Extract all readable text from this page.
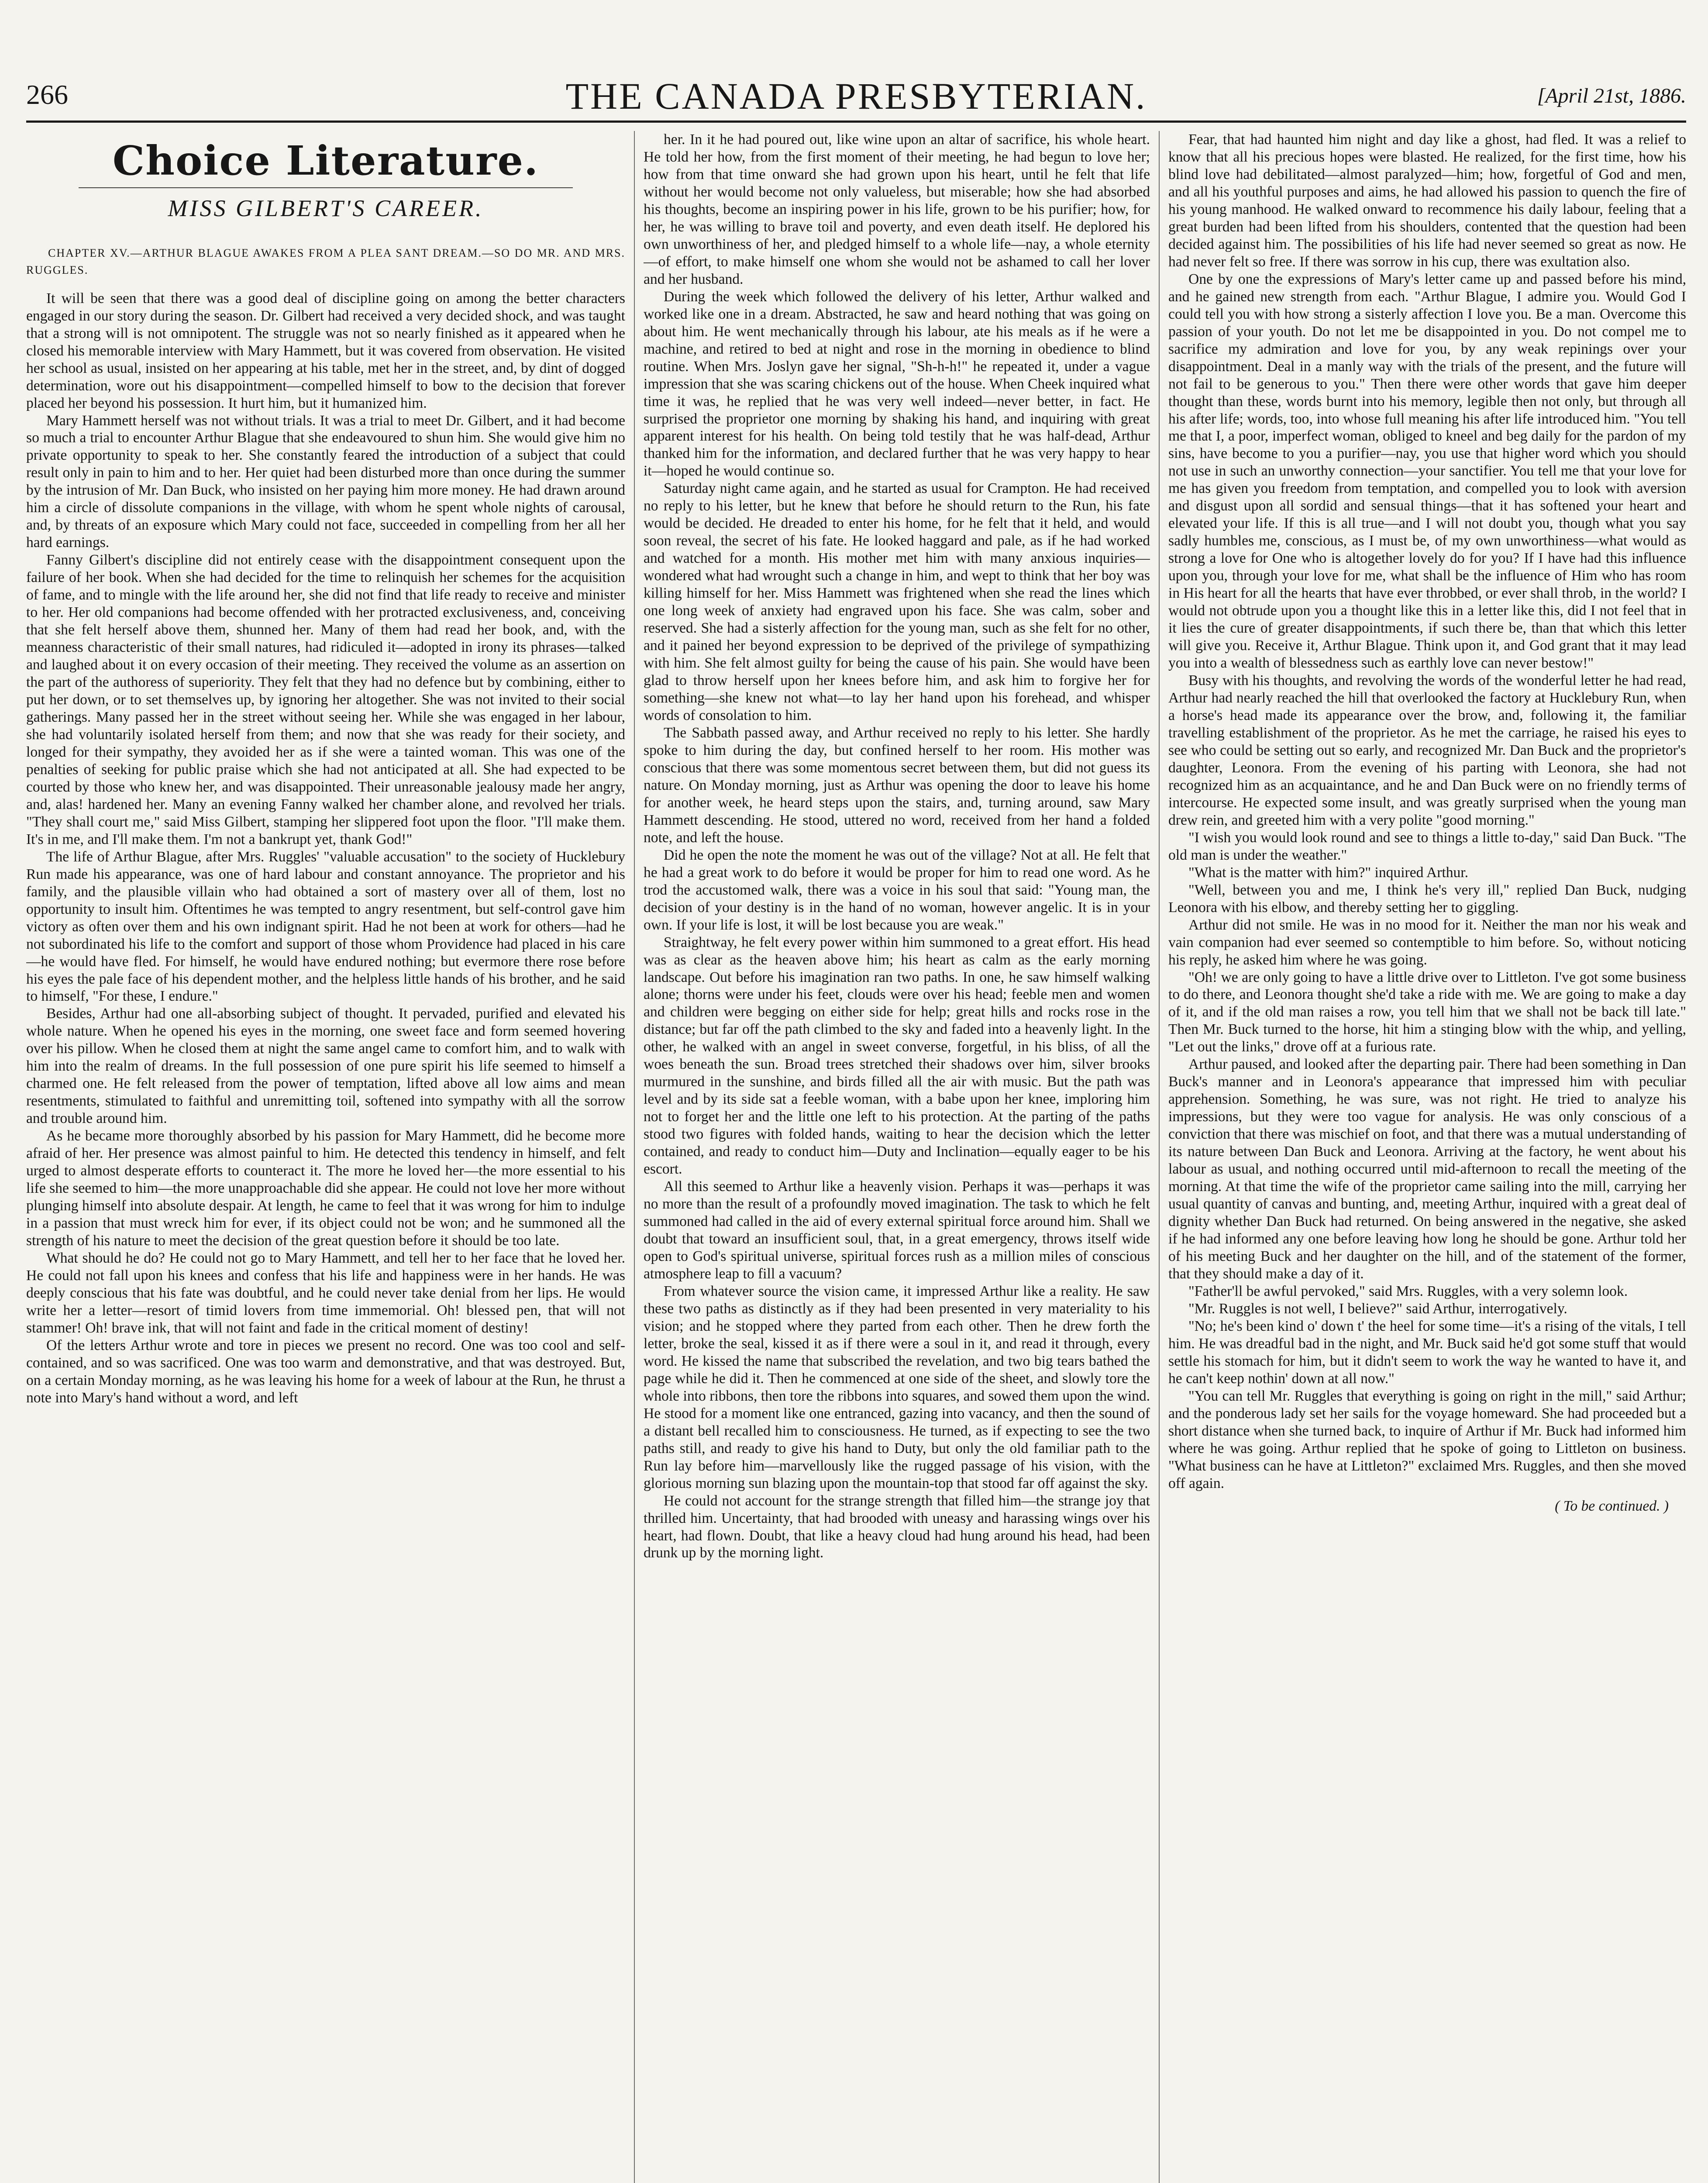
266	THE CANADA PRESBYTERIAN.	[April 21st, 1886.
Choice Literature.
MISS GILBERT'S CAREER.
CHAPTER XV.—ARTHUR BLAGUE AWAKES FROM A PLEA SANT DREAM.—SO DO MR. AND MRS. RUGGLES.

It will be seen that there was a good deal of discipline going on among the better characters engaged in our story during the season. Dr. Gilbert had received a very decided shock, and was taught that a strong will is not omnipotent. The struggle was not so nearly finished as it appeared when he closed his memorable interview with Mary Hammett, but it was covered from observation. He visited her school as usual, insisted on her appearing at his table, met her in the street, and, by dint of dogged determination, wore out his disappointment—compelled himself to bow to the decision that forever placed her beyond his possession. It hurt him, but it humanized him.

Mary Hammett herself was not without trials. It was a trial to meet Dr. Gilbert, and it had become so much a trial to encounter Arthur Blague that she endeavoured to shun him. She would give him no private opportunity to speak to her. She constantly feared the introduction of a subject that could result only in pain to him and to her. Her quiet had been disturbed more than once during the summer by the intrusion of Mr. Dan Buck, who insisted on her paying him more money. He had drawn around him a circle of dissolute companions in the village, with whom he spent whole nights of carousal, and, by threats of an exposure which Mary could not face, succeeded in compelling from her all her hard earnings.

Fanny Gilbert's discipline did not entirely cease with the disappointment consequent upon the failure of her book. When she had decided for the time to relinquish her schemes for the acquisition of fame, and to mingle with the life around her, she did not find that life ready to receive and minister to her. Her old companions had become offended with her protracted exclusiveness, and, conceiving that she felt herself above them, shunned her. Many of them had read her book, and, with the meanness characteristic of their small natures, had ridiculed it—adopted in irony its phrases—talked and laughed about it on every occasion of their meeting. They received the volume as an assertion on the part of the authoress of superiority. They felt that they had no defence but by combining, either to put her down, or to set themselves up, by ignoring her altogether. She was not invited to their social gatherings. Many passed her in the street without seeing her. While she was engaged in her labour, she had voluntarily isolated herself from them; and now that she was ready for their society, and longed for their sympathy, they avoided her as if she were a tainted woman. This was one of the penalties of seeking for public praise which she had not anticipated at all. She had expected to be courted by those who knew her, and was disappointed. Their unreasonable jealousy made her angry, and, alas! hardened her. Many an evening Fanny walked her chamber alone, and revolved her trials. "They shall court me," said Miss Gilbert, stamping her slippered foot upon the floor. "I'll make them. It's in me, and I'll make them. I'm not a bankrupt yet, thank God!"

The life of Arthur Blague, after Mrs. Ruggles' "valuable accusation" to the society of Hucklebury Run made his appearance, was one of hard labour and constant annoyance. The proprietor and his family, and the plausible villain who had obtained a sort of mastery over all of them, lost no opportunity to insult him. Oftentimes he was tempted to angry resentment, but self-control gave him victory as often over them and his own indignant spirit. Had he not been at work for others—had he not subordinated his life to the comfort and support of those whom Providence had placed in his care—he would have fled. For himself, he would have endured nothing; but evermore there rose before his eyes the pale face of his dependent mother, and the helpless little hands of his brother, and he said to himself, "For these, I endure."

Besides, Arthur had one all-absorbing subject of thought. It pervaded, purified and elevated his whole nature. When he opened his eyes in the morning, one sweet face and form seemed hovering over his pillow. When he closed them at night the same angel came to comfort him, and to walk with him into the realm of dreams. In the full possession of one pure spirit his life seemed to himself a charmed one. He felt released from the power of temptation, lifted above all low aims and mean resentments, stimulated to faithful and unremitting toil, softened into sympathy with all the sorrow and trouble around him.

As he became more thoroughly absorbed by his passion for Mary Hammett, did he become more afraid of her. Her presence was almost painful to him. He detected this tendency in himself, and felt urged to almost desperate efforts to counteract it. The more he loved her—the more essential to his life she seemed to him—the more unapproachable did she appear. He could not love her more without plunging himself into absolute despair. At length, he came to feel that it was wrong for him to indulge in a passion that must wreck him for ever, if its object could not be won; and he summoned all the strength of his nature to meet the decision of the great question before it should be too late.

What should he do? He could not go to Mary Hammett, and tell her to her face that he loved her. He could not fall upon his knees and confess that his life and happiness were in her hands. He was deeply conscious that his fate was doubtful, and he could never take denial from her lips. He would write her a letter—resort of timid lovers from time immemorial. Oh! blessed pen, that will not stammer! Oh! brave ink, that will not faint and fade in the critical moment of destiny!

Of the letters Arthur wrote and tore in pieces we present no record. One was too cool and self-contained, and so was sacrificed. One was too warm and demonstrative, and that was destroyed. But, on a certain Monday morning, as he was leaving his home for a week of labour at the Run, he thrust a note into Mary's hand without a word, and left

her. In it he had poured out, like wine upon an altar of sacrifice, his whole heart. He told her how, from the first moment of their meeting, he had begun to love her; how from that time onward she had grown upon his heart, until he felt that life without her would become not only valueless, but miserable; how she had absorbed his thoughts, become an inspiring power in his life, grown to be his purifier; how, for her, he was willing to brave toil and poverty, and even death itself. He deplored his own unworthiness of her, and pledged himself to a whole life—nay, a whole eternity—of effort, to make himself one whom she would not be ashamed to call her lover and her husband.

During the week which followed the delivery of his letter, Arthur walked and worked like one in a dream. Abstracted, he saw and heard nothing that was going on about him. He went mechanically through his labour, ate his meals as if he were a machine, and retired to bed at night and rose in the morning in obedience to blind routine. When Mrs. Joslyn gave her signal, "Sh-h-h!" he repeated it, under a vague impression that she was scaring chickens out of the house. When Cheek inquired what time it was, he replied that he was very well indeed—never better, in fact. He surprised the proprietor one morning by shaking his hand, and inquiring with great apparent interest for his health. On being told testily that he was half-dead, Arthur thanked him for the information, and declared further that he was very happy to hear it—hoped he would continue so.

Saturday night came again, and he started as usual for Crampton. He had received no reply to his letter, but he knew that before he should return to the Run, his fate would be decided. He dreaded to enter his home, for he felt that it held, and would soon reveal, the secret of his fate. He looked haggard and pale, as if he had worked and watched for a month. His mother met him with many anxious inquiries—wondered what had wrought such a change in him, and wept to think that her boy was killing himself for her. Miss Hammett was frightened when she read the lines which one long week of anxiety had engraved upon his face. She was calm, sober and reserved. She had a sisterly affection for the young man, such as she felt for no other, and it pained her beyond expression to be deprived of the privilege of sympathizing with him. She felt almost guilty for being the cause of his pain. She would have been glad to throw herself upon her knees before him, and ask him to forgive her for something—she knew not what—to lay her hand upon his forehead, and whisper words of consolation to him.

The Sabbath passed away, and Arthur received no reply to his letter. She hardly spoke to him during the day, but confined herself to her room. His mother was conscious that there was some momentous secret between them, but did not guess its nature. On Monday morning, just as Arthur was opening the door to leave his home for another week, he heard steps upon the stairs, and, turning around, saw Mary Hammett descending. He stood, uttered no word, received from her hand a folded note, and left the house.

Did he open the note the moment he was out of the village? Not at all. He felt that he had a great work to do before it would be proper for him to read one word. As he trod the accustomed walk, there was a voice in his soul that said: "Young man, the decision of your destiny is in the hand of no woman, however angelic. It is in your own. If your life is lost, it will be lost because you are weak."

Straightway, he felt every power within him summoned to a great effort. His head was as clear as the heaven above him; his heart as calm as the early morning landscape. Out before his imagination ran two paths. In one, he saw himself walking alone; thorns were under his feet, clouds were over his head; feeble men and women and children were begging on either side for help; great hills and rocks rose in the distance; but far off the path climbed to the sky and faded into a heavenly light. In the other, he walked with an angel in sweet converse, forgetful, in his bliss, of all the woes beneath the sun. Broad trees stretched their shadows over him, silver brooks murmured in the sunshine, and birds filled all the air with music. But the path was level and by its side sat a feeble woman, with a babe upon her knee, imploring him not to forget her and the little one left to his protection. At the parting of the paths stood two figures with folded hands, waiting to hear the decision which the letter contained, and ready to conduct him—Duty and Inclination—equally eager to be his escort.

All this seemed to Arthur like a heavenly vision. Perhaps it was—perhaps it was no more than the result of a profoundly moved imagination. The task to which he felt summoned had called in the aid of every external spiritual force around him. Shall we doubt that toward an insufficient soul, that, in a great emergency, throws itself wide open to God's spiritual universe, spiritual forces rush as a million miles of conscious atmosphere leap to fill a vacuum?

From whatever source the vision came, it impressed Arthur like a reality. He saw these two paths as distinctly as if they had been presented in very materiality to his vision; and he stopped where they parted from each other. Then he drew forth the letter, broke the seal, kissed it as if there were a soul in it, and read it through, every word. He kissed the name that subscribed the revelation, and two big tears bathed the page while he did it. Then he commenced at one side of the sheet, and slowly tore the whole into ribbons, then tore the ribbons into squares, and sowed them upon the wind. He stood for a moment like one entranced, gazing into vacancy, and then the sound of a distant bell recalled him to consciousness. He turned, as if expecting to see the two paths still, and ready to give his hand to Duty, but only the old familiar path to the Run lay before him—marvellously like the rugged passage of his vision, with the glorious morning sun blazing upon the mountain-top that stood far off against the sky.

He could not account for the strange strength that filled him—the strange joy that thrilled him. Uncertainty, that had brooded with uneasy and harassing wings over his heart, had flown. Doubt, that like a heavy cloud had hung around his head, had been drunk up by the morning light.

Fear, that had haunted him night and day like a ghost, had fled. It was a relief to know that all his precious hopes were blasted. He realized, for the first time, how his blind love had debilitated—almost paralyzed—him; how, forgetful of God and men, and all his youthful purposes and aims, he had allowed his passion to quench the fire of his young manhood. He walked onward to recommence his daily labour, feeling that a great burden had been lifted from his shoulders, contented that the question had been decided against him. The possibilities of his life had never seemed so great as now. He had never felt so free. If there was sorrow in his cup, there was exultation also.

One by one the expressions of Mary's letter came up and passed before his mind, and he gained new strength from each. "Arthur Blague, I admire you. Would God I could tell you with how strong a sisterly affection I love you. Be a man. Overcome this passion of your youth. Do not let me be disappointed in you. Do not compel me to sacrifice my admiration and love for you, by any weak repinings over your disappointment. Deal in a manly way with the trials of the present, and the future will not fail to be generous to you." Then there were other words that gave him deeper thought than these, words burnt into his memory, legible then not only, but through all his after life; words, too, into whose full meaning his after life introduced him. "You tell me that I, a poor, imperfect woman, obliged to kneel and beg daily for the pardon of my sins, have become to you a purifier—nay, you use that higher word which you should not use in such an unworthy connection—your sanctifier. You tell me that your love for me has given you freedom from temptation, and compelled you to look with aversion and disgust upon all sordid and sensual things—that it has softened your heart and elevated your life. If this is all true—and I will not doubt you, though what you say sadly humbles me, conscious, as I must be, of my own unworthiness—what would as strong a love for One who is altogether lovely do for you? If I have had this influence upon you, through your love for me, what shall be the influence of Him who has room in His heart for all the hearts that have ever throbbed, or ever shall throb, in the world? I would not obtrude upon you a thought like this in a letter like this, did I not feel that in it lies the cure of greater disappointments, if such there be, than that which this letter will give you. Receive it, Arthur Blague. Think upon it, and God grant that it may lead you into a wealth of blessedness such as earthly love can never bestow!"

Busy with his thoughts, and revolving the words of the wonderful letter he had read, Arthur had nearly reached the hill that overlooked the factory at Hucklebury Run, when a horse's head made its appearance over the brow, and, following it, the familiar travelling establishment of the proprietor. As he met the carriage, he raised his eyes to see who could be setting out so early, and recognized Mr. Dan Buck and the proprietor's daughter, Leonora. From the evening of his parting with Leonora, she had not recognized him as an acquaintance, and he and Dan Buck were on no friendly terms of intercourse. He expected some insult, and was greatly surprised when the young man drew rein, and greeted him with a very polite "good morning."

"I wish you would look round and see to things a little to-day," said Dan Buck. "The old man is under the weather."

"What is the matter with him?" inquired Arthur.

"Well, between you and me, I think he's very ill," replied Dan Buck, nudging Leonora with his elbow, and thereby setting her to giggling.

Arthur did not smile. He was in no mood for it. Neither the man nor his weak and vain companion had ever seemed so contemptible to him before. So, without noticing his reply, he asked him where he was going.

"Oh! we are only going to have a little drive over to Littleton. I've got some business to do there, and Leonora thought she'd take a ride with me. We are going to make a day of it, and if the old man raises a row, you tell him that we shall not be back till late." Then Mr. Buck turned to the horse, hit him a stinging blow with the whip, and yelling, "Let out the links," drove off at a furious rate.

Arthur paused, and looked after the departing pair. There had been something in Dan Buck's manner and in Leonora's appearance that impressed him with peculiar apprehension. Something, he was sure, was not right. He tried to analyze his impressions, but they were too vague for analysis. He was only conscious of a conviction that there was mischief on foot, and that there was a mutual understanding of its nature between Dan Buck and Leonora. Arriving at the factory, he went about his labour as usual, and nothing occurred until mid-afternoon to recall the meeting of the morning. At that time the wife of the proprietor came sailing into the mill, carrying her usual quantity of canvas and bunting, and, meeting Arthur, inquired with a great deal of dignity whether Dan Buck had returned. On being answered in the negative, she asked if he had informed any one before leaving how long he should be gone. Arthur told her of his meeting Buck and her daughter on the hill, and of the statement of the former, that they should make a day of it.

"Father'll be awful pervoked," said Mrs. Ruggles, with a very solemn look.

"Mr. Ruggles is not well, I believe?" said Arthur, interrogatively.

"No; he's been kind o' down t' the heel for some time—it's a rising of the vitals, I tell him. He was dreadful bad in the night, and Mr. Buck said he'd got some stuff that would settle his stomach for him, but it didn't seem to work the way he wanted to have it, and he can't keep nothin' down at all now."

"You can tell Mr. Ruggles that everything is going on right in the mill," said Arthur; and the ponderous lady set her sails for the voyage homeward. She had proceeded but a short distance when she turned back, to inquire of Arthur if Mr. Buck had informed him where he was going. Arthur replied that he spoke of going to Littleton on business. "What business can he have at Littleton?" exclaimed Mrs. Ruggles, and then she moved off again.

( To be continued. )
